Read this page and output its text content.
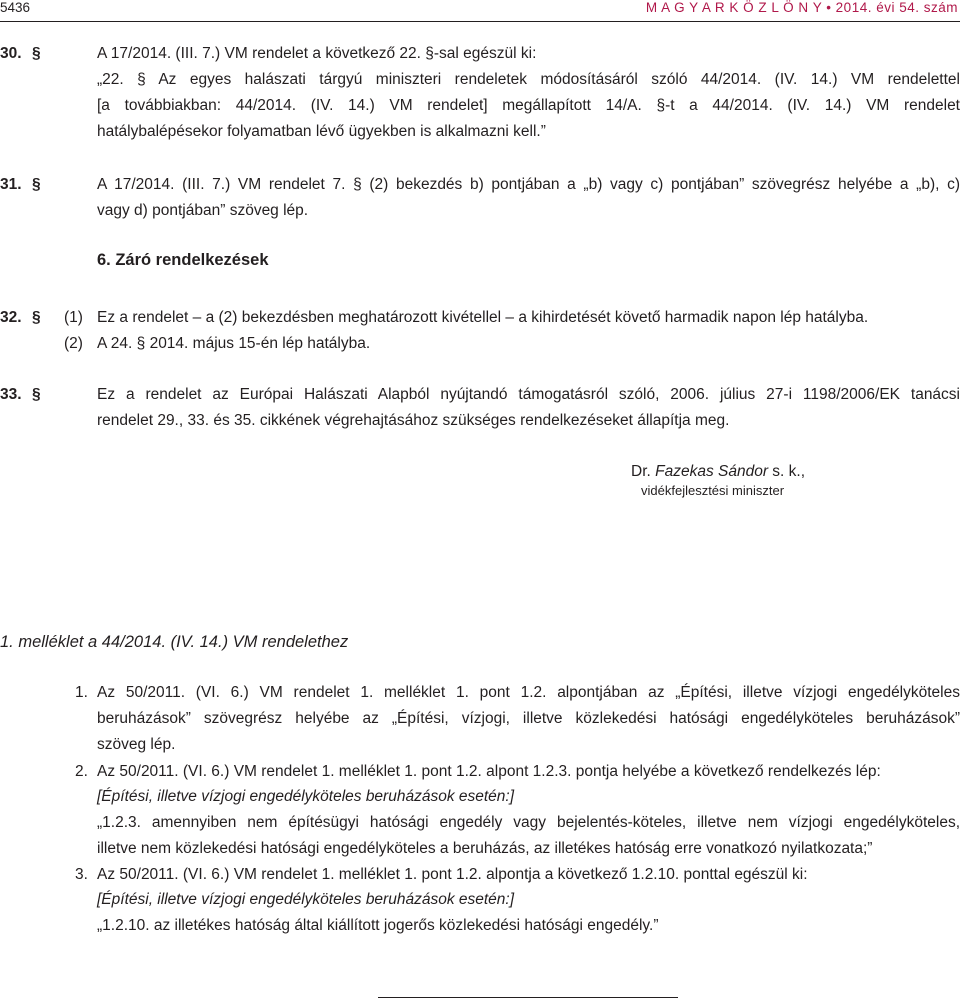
5436	M A G Y A R K Ö Z L Ö N Y • 2014. évi 54. szám
30. §	A 17/2014. (III. 7.) VM rendelet a következő 22. §-sal egészül ki:
„22. § Az egyes halászati tárgyú miniszteri rendeletek módosításáról szóló 44/2014. (IV. 14.) VM rendelettel
[a továbbiakban: 44/2014. (IV. 14.) VM rendelet] megállapított 14/A. §-t a 44/2014. (IV. 14.) VM rendelet
hatálybalépésekor folyamatban lévő ügyekben is alkalmazni kell.”
31. §	A 17/2014. (III. 7.) VM rendelet 7. § (2) bekezdés b) pontjában a „b) vagy c) pontjában” szövegrész helyébe a „b), c)
vagy d) pontjában” szöveg lép.
6. Záró rendelkezések
32. § (1) Ez a rendelet – a (2) bekezdésben meghatározott kivétellel – a kihirdetését követő harmadik napon lép hatályba.
(2) A 24. § 2014. május 15-én lép hatályba.
33. §	Ez a rendelet az Európai Halászati Alapból nyújtandó támogatásról szóló, 2006. július 27-i 1198/2006/EK tanácsi
rendelet 29., 33. és 35. cikkének végrehajtásához szükséges rendelkezéseket állapítja meg.
Dr. Fazekas Sándor s. k.,
vidékfejlesztési miniszter
1. melléklet a 44/2014. (IV. 14.) VM rendelethez
1. Az 50/2011. (VI. 6.) VM rendelet 1. melléklet 1. pont 1.2. alpontjában az „Építési, illetve vízjogi engedélyköteles
beruházások” szövegrész helyébe az „Építési, vízjogi, illetve közlekedési hatósági engedélyköteles beruházások”
szöveg lép.
2. Az 50/2011. (VI. 6.) VM rendelet 1. melléklet 1. pont 1.2. alpont 1.2.3. pontja helyébe a következő rendelkezés lép:
[Építési, illetve vízjogi engedélyköteles beruházások esetén:]
„1.2.3. amennyiben nem építésügyi hatósági engedély vagy bejelentés-köteles, illetve nem vízjogi engedélyköteles,
illetve nem közlekedési hatósági engedélyköteles a beruházás, az illetékes hatóság erre vonatkozó nyilatkozata;”
3. Az 50/2011. (VI. 6.) VM rendelet 1. melléklet 1. pont 1.2. alpontja a következő 1.2.10. ponttal egészül ki:
[Építési, illetve vízjogi engedélyköteles beruházások esetén:]
„1.2.10. az illetékes hatóság által kiállított jogerős közlekedési hatósági engedély.”
